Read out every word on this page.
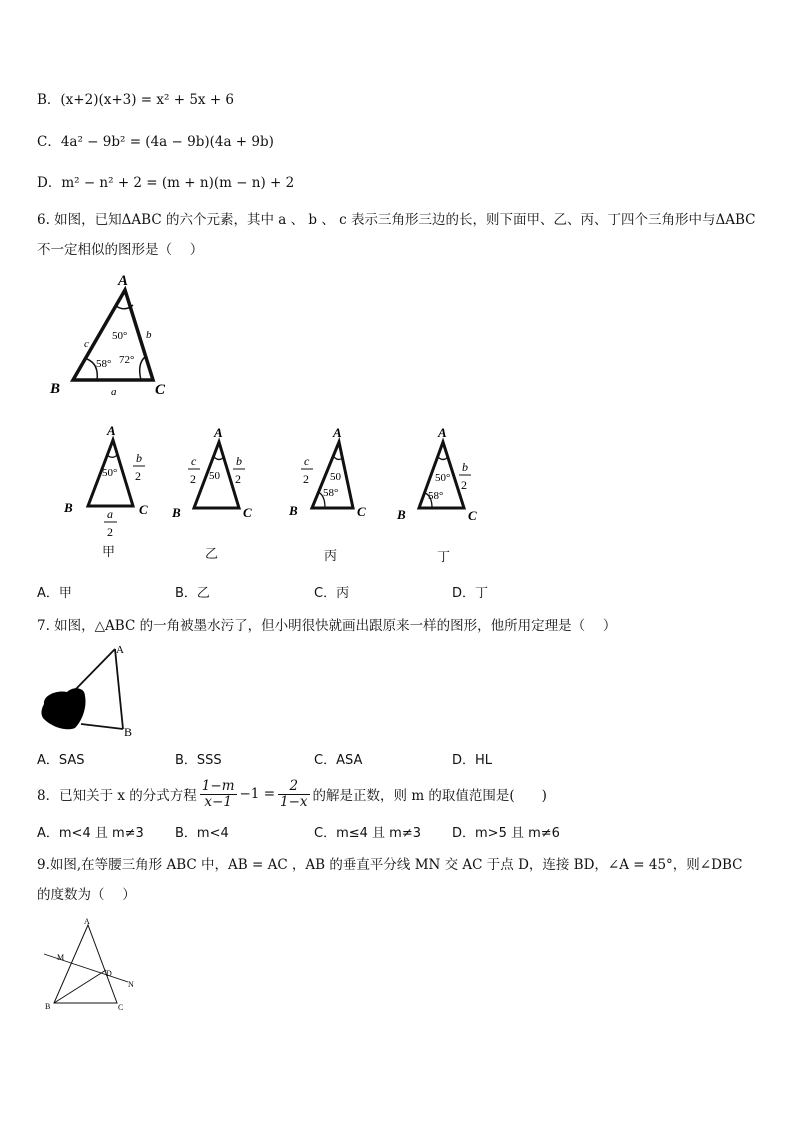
B．(x+2)(x+3) = x² + 5x + 6
C．4a² − 9b² = (4a − 9b)(4a + 9b)
D．m² − n² + 2 = (m + n)(m − n) + 2
6. 如图，已知ΔABC 的六个元素，其中 a 、 b 、 c 表示三角形三边的长，则下面甲、乙、丙、丁四个三角形中与ΔABC
不一定相似的图形是（　 ）
A
B	C
a
b
c
50°
58° 72°
A
B	C
50°
b
2
a
2
甲
A
B	C
50
c
2
b
2
乙
A
B	C
50
58°
c
2
丙
A
B	C
50°
58°
b
2
丁
A．甲	B．乙	C．丙	D．丁
7. 如图，△ABC 的一角被墨水污了，但小明很快就画出跟原来一样的图形，他所用定理是（　 ）
A
B
A．SAS	B．SSS	C．ASA	D．HL
8．已知关于 x 的分式方程 $\frac{1-m}{x-1} -1 = \frac{2}{1-x}$ 的解是正数，则 m 的取值范围是(　　)
A．m<4 且 m≠3 B．m<4	C．m≤4 且 m≠3 D．m>5 且 m≠6
9.如图,在等腰三角形 ABC 中，AB = AC ，AB 的垂直平分线 MN 交 AC 于点 D，连接 BD，∠A = 45°，则∠DBC
的度数为（　 ）
A
M
D
N
B	C
